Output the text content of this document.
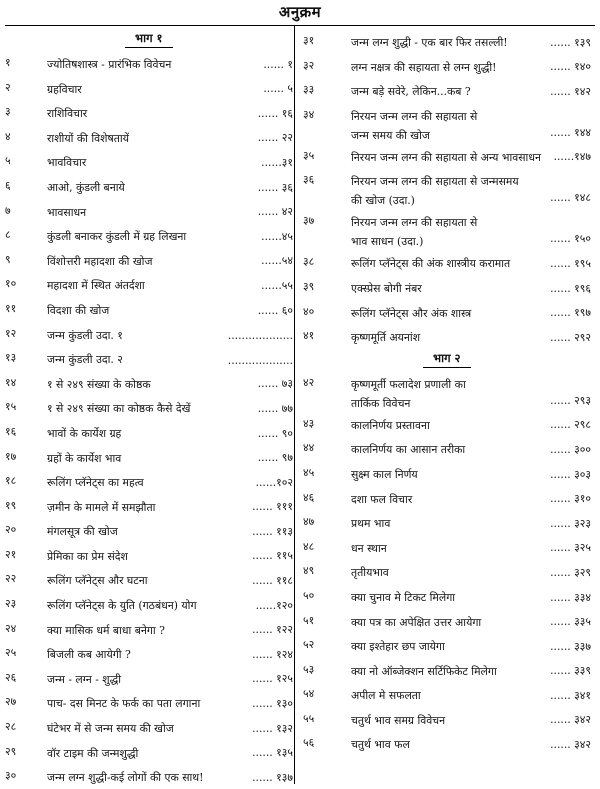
अनुक्रम
भाग १
१	ज्योतिषशास्त्र - प्रारंभिक विवेचन	...... १
२	ग्रहविचार	...... ५
३	राशिविचार	...... १६
४	राशीयों की विशेषतायें	...... २२
५	भावविचार	......३१
६	आओ, कुंडली बनाये	...... ३६
७	भावसाधन	...... ४२
८	कुंडली बनाकर कुंडली में ग्रह लिखना	......४५
९	विंशोत्तरी महादशा की खोज	......५४
१०	महादशा में स्थित अंतर्दशा	......५५
११	विदशा की खोज	...... ६०
१२	जन्म कुंडली उदा. १	...................
१३	जन्म कुंडली उदा. २	...................
१४	१ से २४९ संख्या के कोष्ठक	...... ७३
१५	१ से २४९ संख्या का कोष्ठक कैसे देखें	...... ७७
१६	भावों के कार्येश ग्रह	...... ९०
१७	ग्रहों के कार्येश भाव	...... ९७
१८	रूलिंग प्लॅनेट्स का महत्व	......१०२
१९	ज़मीन के मामले में समझौता	...... १११
२०	मंगलसूत्र की खोज	...... ११३
२१	प्रेमिका का प्रेम संदेश	...... ११५
२२	रूलिंग प्लॅनेट्स और घटना	...... ११८
२३	रूलिंग प्लॅनेट्स के युति (गठबंधन) योग	......१२०
२४	क्या मासिक धर्म बाधा बनेगा ?	...... १२२
२५	बिजली कब आयेगी ?	...... १२४
२६	जन्म - लग्न - शुद्धी	...... १२५
२७	पाच- दस मिनट के फर्क का पता लगाना	...... १३०
२८	घंटेभर में से जन्म समय की खोज	...... १३२
२९	वॉर टाइम की जन्मशुद्धी	...... १३५
३०	जन्म लग्न शुद्धी-कई लोगों की एक साथ!	...... १३७
३१	जन्म लग्न शुद्धी - एक बार फिर तसल्ली!	...... १३९
३२	लग्न नक्षत्र की सहायता से लग्न शुद्धी!	...... १४०
३३	जन्म बड़े सवेरे, लेकिन...कब ?	...... १४२
३४	निरयन जन्म लग्न की सहायता से
जन्म समय की खोज	...... १४४
३५	निरयन जन्म लग्न की सहायता से अन्य भावसाधन	......१४७
३६	निरयन जन्म लग्न की सहायता से जन्मसमय
की खोज (उदा.)	...... १४८
३७	निरयन जन्म लग्न की सहायता से
भाव साधन (उदा.)	...... १५०
३८	रूलिंग प्लॅनेट्स की अंक शास्त्रीय करामात	...... १९५
३९	एक्स्प्रेस बोगी नंबर	...... १९६
४०	रूलिंग प्लॅनेट्स और अंक शास्त्र	...... १९७
४१	कृष्णमूर्ति अयनांश	...... २९२
भाग २
४२	कृष्णमूर्ती फलादेश प्रणाली का
तार्किक विवेचन	...... २९३
४३	कालनिर्णय प्रस्तावना	...... २९८
४४	कालनिर्णय का आसान तरीका	...... ३००
४५	सुक्ष्म काल निर्णय	...... ३०३
४६	दशा फल विचार	...... ३१०
४७	प्रथम भाव	...... ३२३
४८	धन स्थान	...... ३२५
४९	तृतीयभाव	...... ३२९
५०	क्या चुनाव मे टिकट मिलेगा	...... ३३४
५१	क्या पत्र का अपेक्षित उत्तर आयेगा	...... ३३५
५२	क्या इश्तेहार छप जायेगा	...... ३३७
५३	क्या नो ऑब्जेक्शन सर्टिफिकेट मिलेगा	...... ३३९
५४	अपील मे सफलता	...... ३४१
५५	चतुर्थ भाव समग्र विवेचन	...... ३४२
५६	चतुर्थ भाव फल	...... ३४२
